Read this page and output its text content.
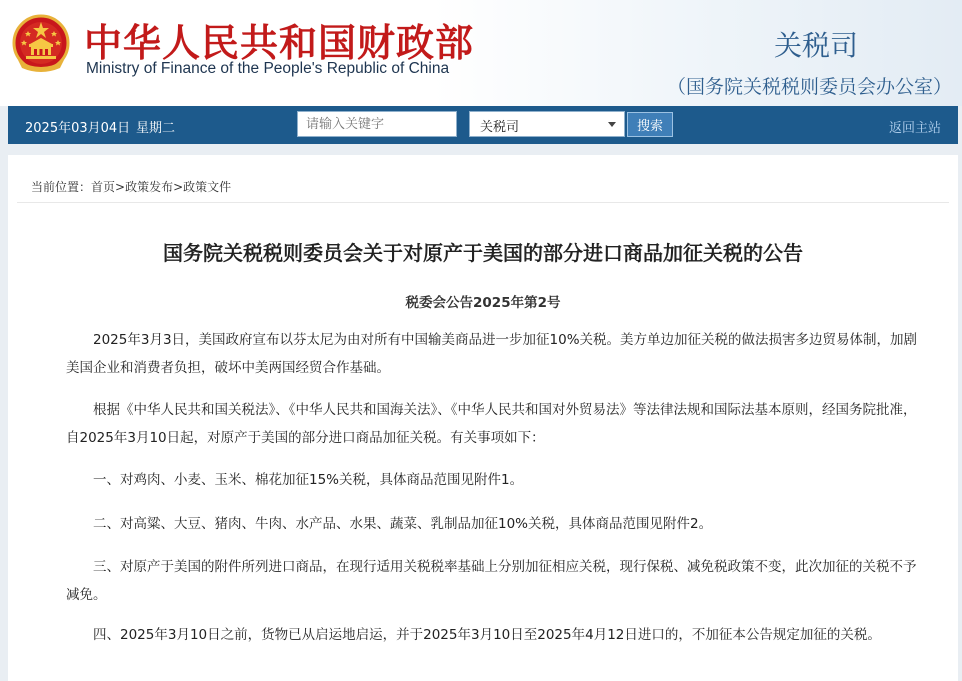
中华人民共和国财政部
Ministry of Finance of the People's Republic of China
关税司
（国务院关税税则委员会办公室）
2025年03月04日 星期二
请输入关键字	关税司	搜索	返回主站
当前位置：首页>政策发布>政策文件
国务院关税税则委员会关于对原产于美国的部分进口商品加征关税的公告
税委会公告2025年第2号

2025年3月3日，美国政府宣布以芬太尼为由对所有中国输美商品进一步加征10%关税。美方单边加征关税的做法损害多边贸易体制，加剧美国企业和消费者负担，破坏中美两国经贸合作基础。

根据《中华人民共和国关税法》、《中华人民共和国海关法》、《中华人民共和国对外贸易法》等法律法规和国际法基本原则，经国务院批准，自2025年3月10日起，对原产于美国的部分进口商品加征关税。有关事项如下：

一、对鸡肉、小麦、玉米、棉花加征15%关税，具体商品范围见附件1。

二、对高粱、大豆、猪肉、牛肉、水产品、水果、蔬菜、乳制品加征10%关税，具体商品范围见附件2。

三、对原产于美国的附件所列进口商品，在现行适用关税税率基础上分别加征相应关税，现行保税、减免税政策不变，此次加征的关税不予减免。

四、2025年3月10日之前，货物已从启运地启运，并于2025年3月10日至2025年4月12日进口的，不加征本公告规定加征的关税。
